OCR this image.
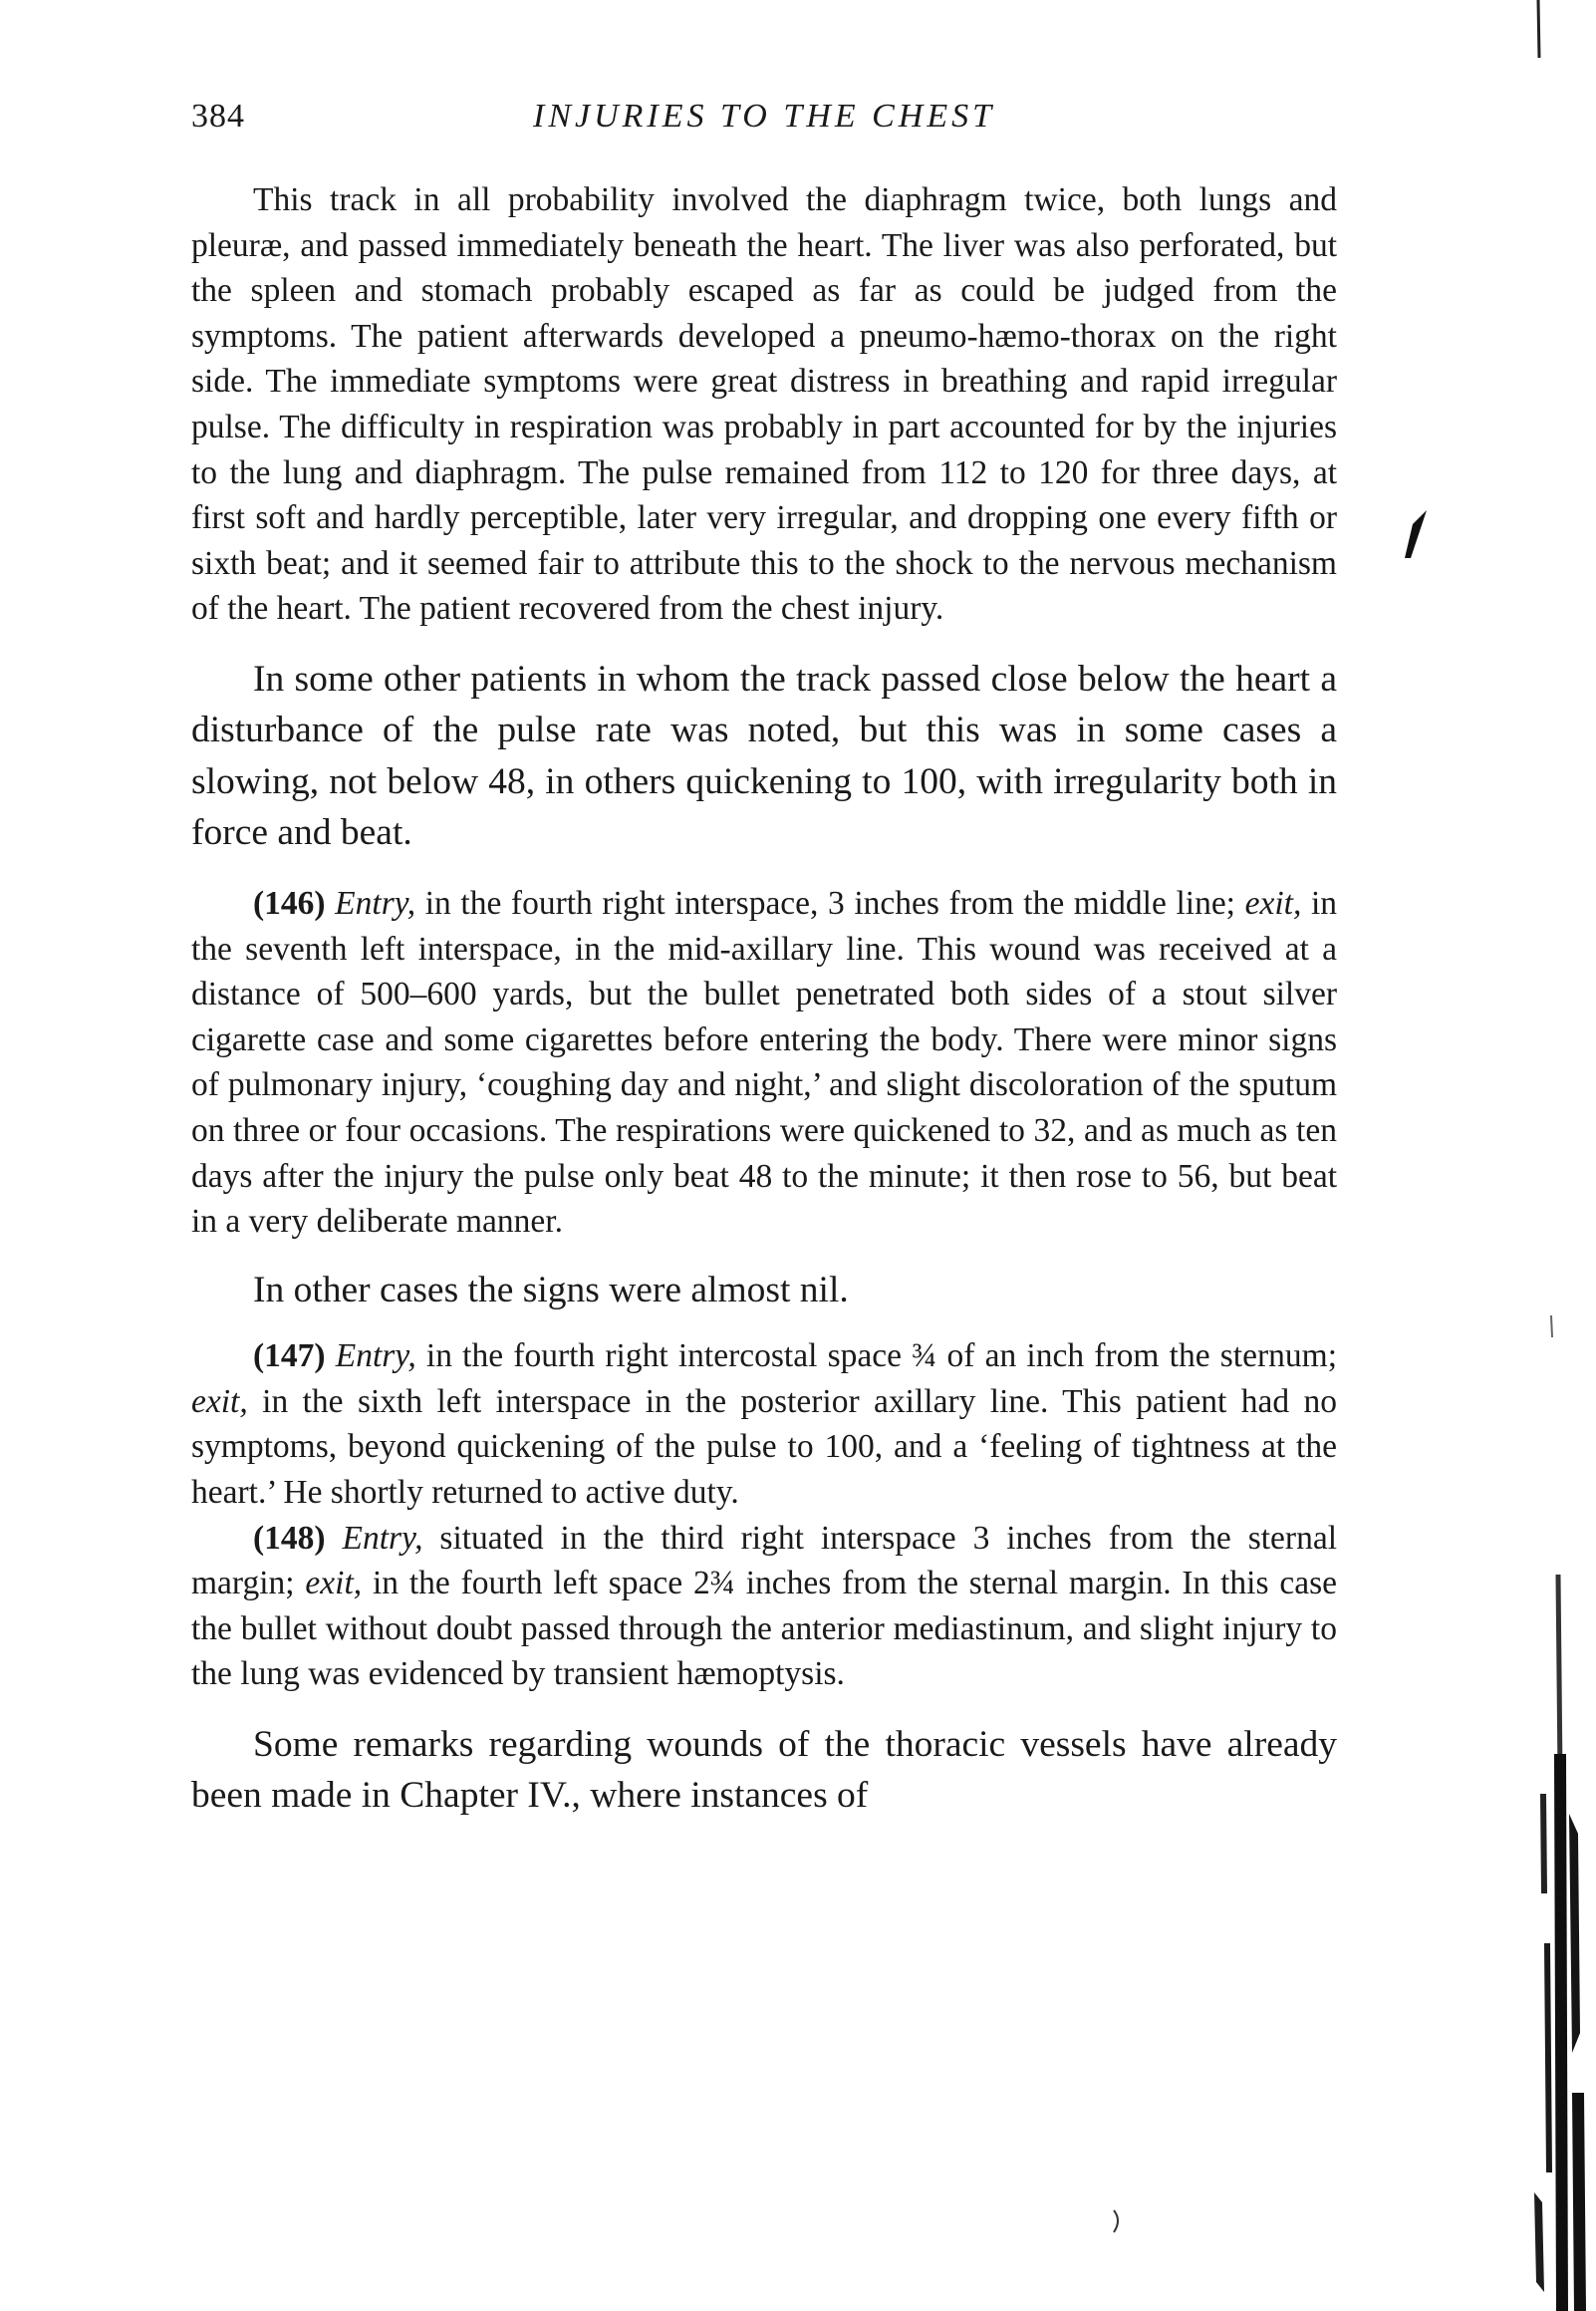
384	INJURIES TO THE CHEST

This track in all probability involved the diaphragm twice, both lungs and pleuræ, and passed immediately beneath the heart. The liver was also perforated, but the spleen and stomach probably escaped as far as could be judged from the symptoms. The patient afterwards developed a pneumo-hæmo-thorax on the right side. The immediate symptoms were great distress in breathing and rapid irregular pulse. The difficulty in respiration was probably in part accounted for by the injuries to the lung and diaphragm. The pulse remained from 112 to 120 for three days, at first soft and hardly perceptible, later very irregular, and dropping one every fifth or sixth beat; and it seemed fair to attribute this to the shock to the nervous mechanism of the heart. The patient recovered from the chest injury.

In some other patients in whom the track passed close below the heart a disturbance of the pulse rate was noted, but this was in some cases a slowing, not below 48, in others quickening to 100, with irregularity both in force and beat.

(146) Entry, in the fourth right interspace, 3 inches from the middle line; exit, in the seventh left interspace, in the mid-axillary line. This wound was received at a distance of 500–600 yards, but the bullet penetrated both sides of a stout silver cigarette case and some cigarettes before entering the body. There were minor signs of pulmonary injury, ‘coughing day and night,’ and slight discoloration of the sputum on three or four occasions. The respirations were quickened to 32, and as much as ten days after the injury the pulse only beat 48 to the minute; it then rose to 56, but beat in a very deliberate manner.

In other cases the signs were almost nil.

(147) Entry, in the fourth right intercostal space ¾ of an inch from the sternum; exit, in the sixth left interspace in the posterior axillary line. This patient had no symptoms, beyond quickening of the pulse to 100, and a ‘feeling of tightness at the heart.’ He shortly returned to active duty.

(148) Entry, situated in the third right interspace 3 inches from the sternal margin; exit, in the fourth left space 2¾ inches from the sternal margin. In this case the bullet without doubt passed through the anterior mediastinum, and slight injury to the lung was evidenced by transient hæmoptysis.

Some remarks regarding wounds of the thoracic vessels have already been made in Chapter IV., where instances of
